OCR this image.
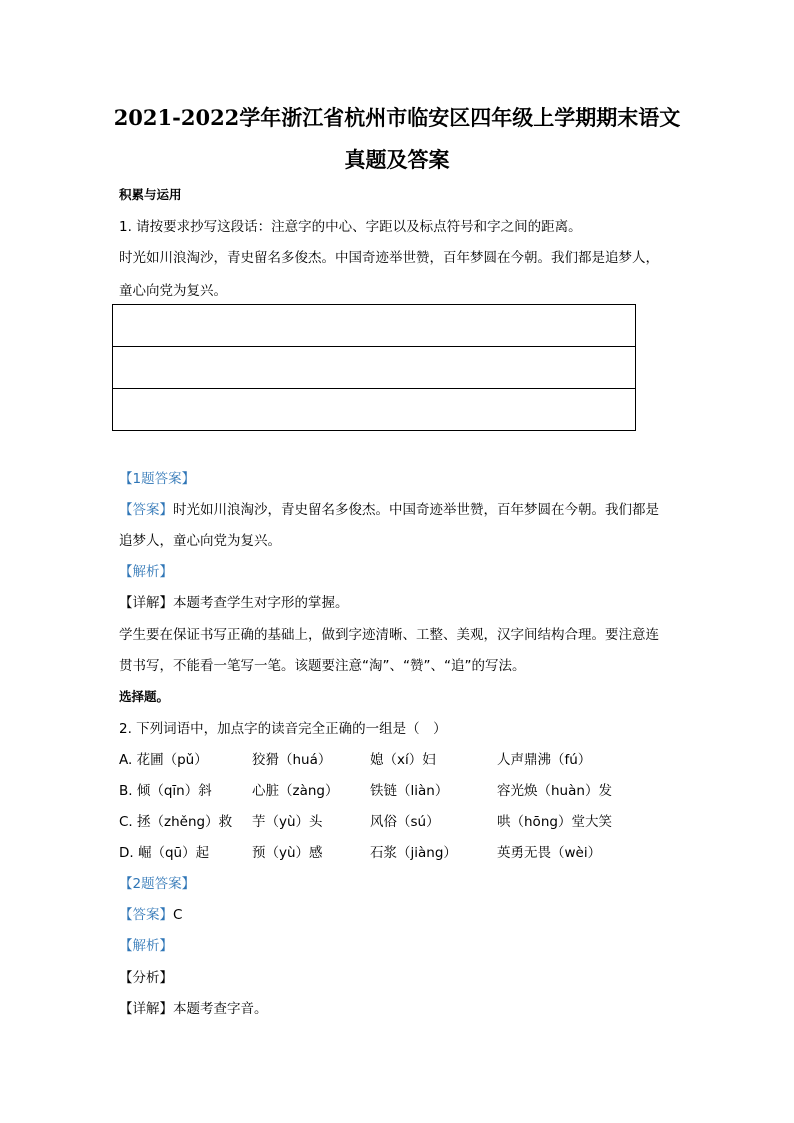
2021-2022学年浙江省杭州市临安区四年级上学期期末语文
真题及答案
积累与运用
1. 请按要求抄写这段话：注意字的中心、字距以及标点符号和字之间的距离。
时光如川浪淘沙，青史留名多俊杰。中国奇迹举世赞，百年梦圆在今朝。我们都是追梦人，
童心向党为复兴。
【1题答案】
【答案】时光如川浪淘沙，青史留名多俊杰。中国奇迹举世赞，百年梦圆在今朝。我们都是
追梦人，童心向党为复兴。
【解析】
【详解】本题考查学生对字形的掌握。
学生要在保证书写正确的基础上，做到字迹清晰、工整、美观，汉字间结构合理。要注意连
贯书写，不能看一笔写一笔。该题要注意“淘”、“赞”、“追”的写法。
选择题。
2. 下列词语中，加点字的读音完全正确的一组是（　）
A. 花圃（pǔ）	狡猾（huá）	媳（xí）妇	人声鼎沸（fú）
B. 倾（qīn）斜	心脏（zàng） 铁链（liàn）	容光焕（huàn）发
C. 拯（zhěng）救 芋（yù）头	风俗（sú）	哄（hōng）堂大笑
D. 崛（qū）起	预（yù）感	石浆（jiàng）	英勇无畏（wèi）
【2题答案】
【答案】C
【解析】
【分析】
【详解】本题考查字音。
